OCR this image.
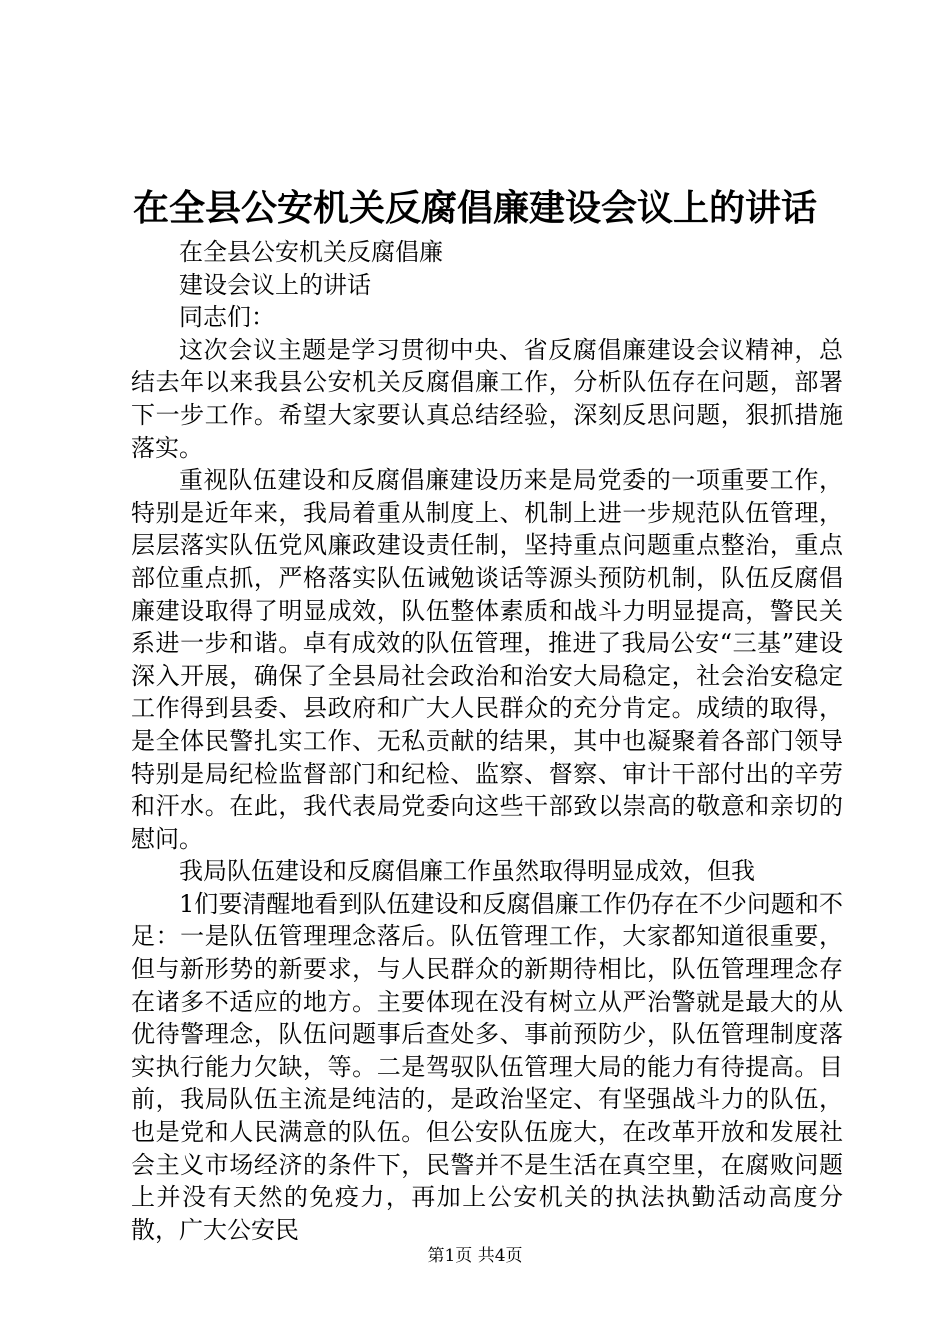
在全县公安机关反腐倡廉建设会议上的讲话

在全县公安机关反腐倡廉

建设会议上的讲话

同志们：

这次会议主题是学习贯彻中央、省反腐倡廉建设会议精神，总结去年以来我县公安机关反腐倡廉工作，分析队伍存在问题，部署下一步工作。希望大家要认真总结经验，深刻反思问题，狠抓措施落实。

重视队伍建设和反腐倡廉建设历来是局党委的一项重要工作，特别是近年来，我局着重从制度上、机制上进一步规范队伍管理，层层落实队伍党风廉政建设责任制，坚持重点问题重点整治，重点部位重点抓，严格落实队伍诫勉谈话等源头预防机制，队伍反腐倡廉建设取得了明显成效，队伍整体素质和战斗力明显提高，警民关系进一步和谐。卓有成效的队伍管理，推进了我局公安“三基”建设深入开展，确保了全县局社会政治和治安大局稳定，社会治安稳定工作得到县委、县政府和广大人民群众的充分肯定。成绩的取得，是全体民警扎实工作、无私贡献的结果，其中也凝聚着各部门领导特别是局纪检监督部门和纪检、监察、督察、审计干部付出的辛劳和汗水。在此，我代表局党委向这些干部致以崇高的敬意和亲切的慰问。

我局队伍建设和反腐倡廉工作虽然取得明显成效，但我

1们要清醒地看到队伍建设和反腐倡廉工作仍存在不少问题和不足：一是队伍管理理念落后。队伍管理工作，大家都知道很重要，但与新形势的新要求，与人民群众的新期待相比，队伍管理理念存在诸多不适应的地方。主要体现在没有树立从严治警就是最大的从优待警理念，队伍问题事后查处多、事前预防少，队伍管理制度落实执行能力欠缺，等。二是驾驭队伍管理大局的能力有待提高。目前，我局队伍主流是纯洁的，是政治坚定、有坚强战斗力的队伍，也是党和人民满意的队伍。但公安队伍庞大，在改革开放和发展社会主义市场经济的条件下，民警并不是生活在真空里，在腐败问题上并没有天然的免疫力，再加上公安机关的执法执勤活动高度分散，广大公安民

第1页 共4页
